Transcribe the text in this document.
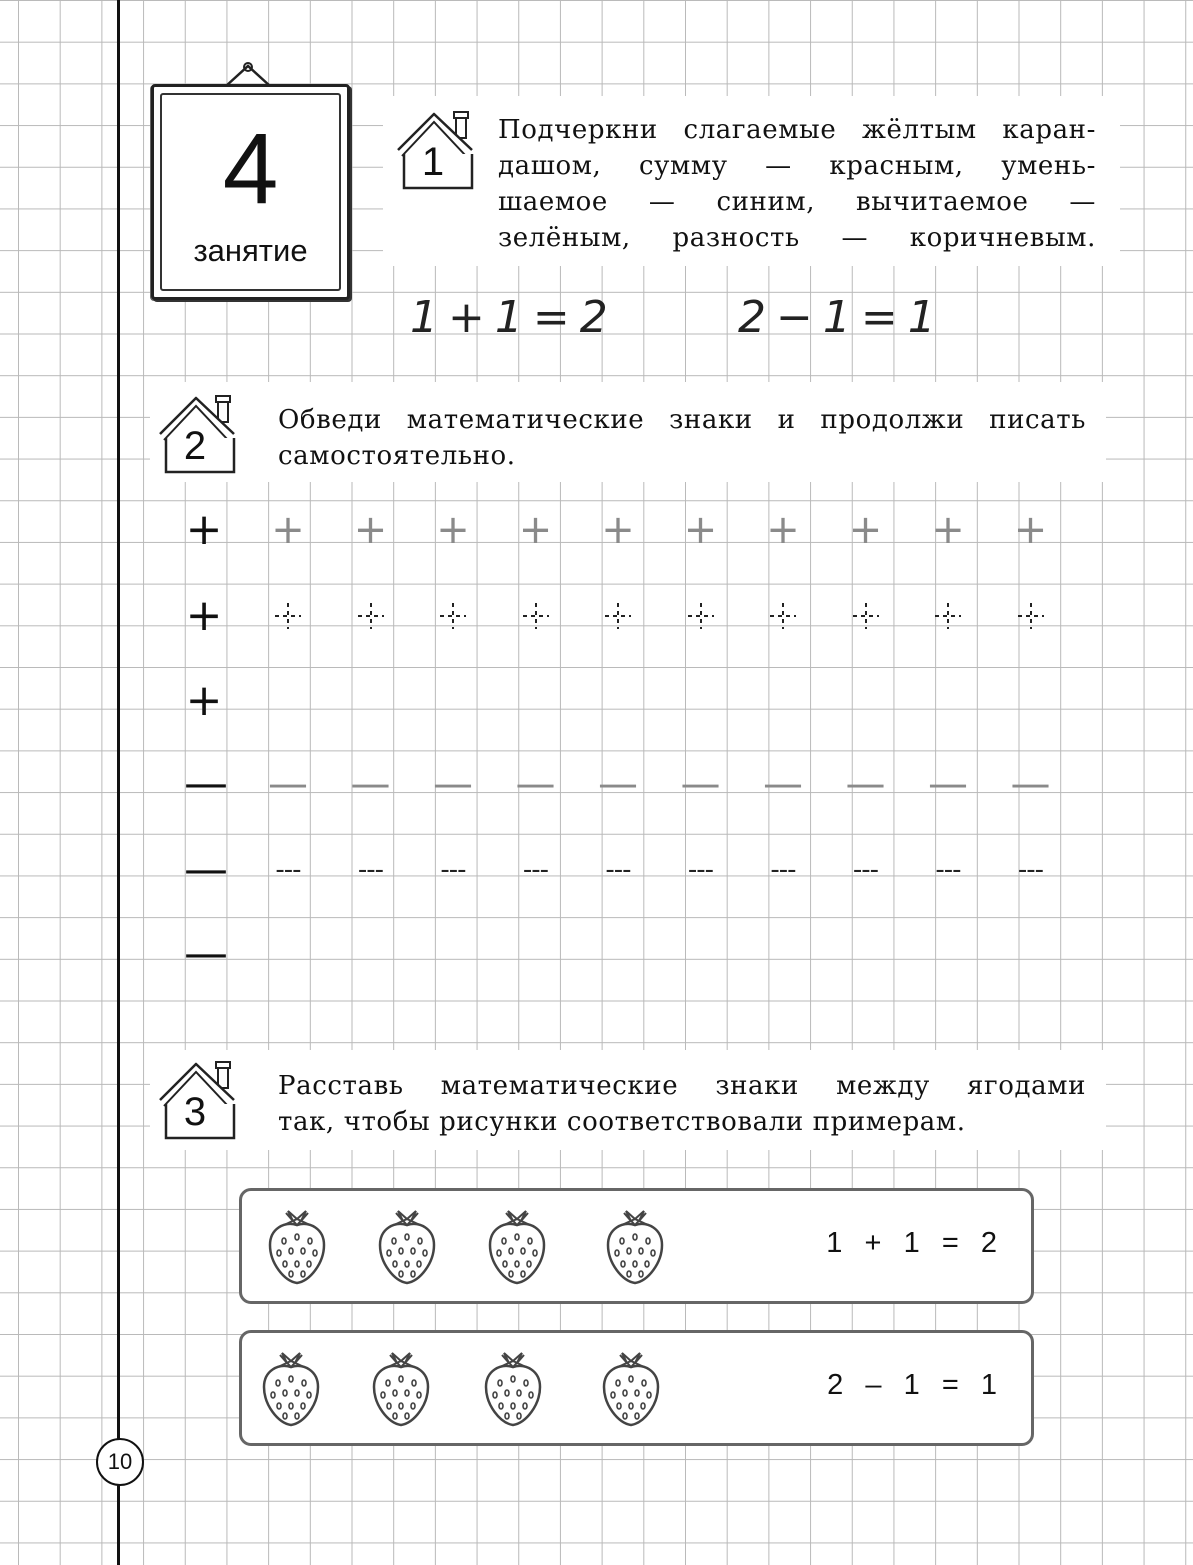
4
занятие
1
Подчеркни слагаемые жёлтым каран-
дашом, сумму — красным, умень-
шаемое — синим, вычитаемое —
зелёным, разность — коричневым.
1+1=2	2−1=1
2
Обведи математические знаки и продолжи писать
самостоятельно.
+ + + + + + + + + + +
+
+
— — — — — — — — — — —
— --- --- --- --- --- --- --- --- --- ---
—
3
Расставь математические знаки между ягодами
так, чтобы рисунки соответствовали примерам.
1  +  1  =  2
2  –  1  =  1
10
